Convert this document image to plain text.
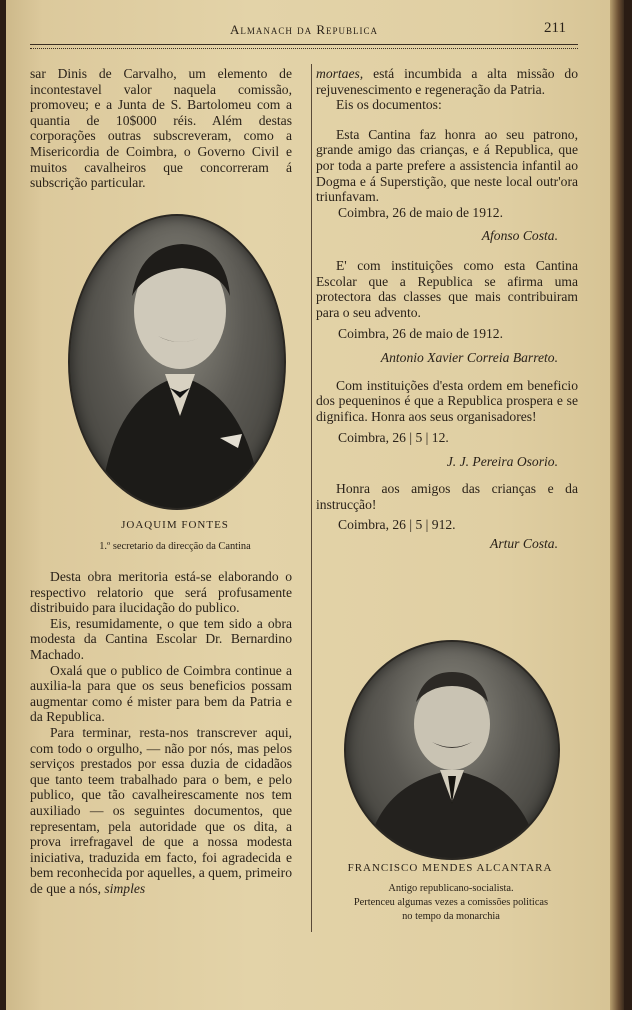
Almanach da Republica	211

sar Dinis de Carvalho, um elemento de incontestavel valor naquela comissão, promoveu; e a Junta de S. Bartolomeu com a quantia de 10$000 réis. Além destas corporações outras subscreveram, como a Misericordia de Coimbra, o Governo Civil e muitos cavalheiros que concorreram á subscrição particular.

JOAQUIM FONTES
1.º secretario da direcção da Cantina

Desta obra meritoria está-se elaborando o respectivo relatorio que será profusamente distribuido para ilucidação do publico.

Eis, resumidamente, o que tem sido a obra modesta da Cantina Escolar Dr. Bernardino Machado.

Oxalá que o publico de Coimbra continue a auxilia-la para que os seus beneficios possam augmentar como é mister para bem da Patria e da Republica.

Para terminar, resta-nos transcrever aqui, com todo o orgulho, — não por nós, mas pelos serviços prestados por essa duzia de cidadãos que tanto teem trabalhado para o bem, e pelo publico, que tão cavalheirescamente nos tem auxiliado — os seguintes documentos, que representam, pela autoridade que os dita, a prova irrefragavel de que a nossa modesta iniciativa, traduzida em facto, foi agradecida e bem reconhecida por aquelles, a quem, primeiro de que a nós, simples

mortaes, está incumbida a alta missão do rejuvenescimento e regeneração da Patria.

Eis os documentos:

Esta Cantina faz honra ao seu patrono, grande amigo das crianças, e á Republica, que por toda a parte prefere a assistencia infantil ao Dogma e á Superstição, que neste local outr'ora triunfavam.

Coimbra, 26 de maio de 1912.

Afonso Costa.

E' com instituições como esta Cantina Escolar que a Republica se afirma uma protectora das classes que mais contribuiram para o seu advento.

Coimbra, 26 de maio de 1912.

Antonio Xavier Correia Barreto.

Com instituições d'esta ordem em beneficio dos pequeninos é que a Republica prospera e se dignifica. Honra aos seus organisadores!

Coimbra, 26 | 5 | 12.

J. J. Pereira Osorio.

Honra aos amigos das crianças e da instrucção!

Coimbra, 26 | 5 | 912.

Artur Costa.

FRANCISCO MENDES ALCANTARA
Antigo republicano-socialista.
Pertenceu algumas vezes a comissões politicas
no tempo da monarchia
